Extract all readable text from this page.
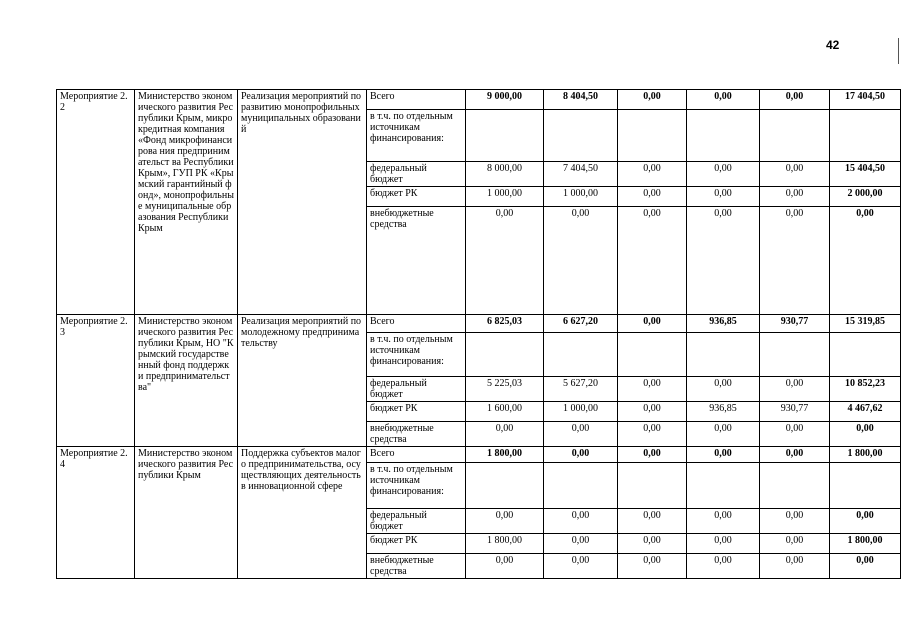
42
Мероприятие 2.2	Министерство экономического развития Республики Крым, микрокредитная компания «Фонд микрофинансирова ния предпринимательст ва Республики Крым», ГУП РК «Крымский гарантийный фонд», монопрофильные муниципальные образования Республики Крым	Реализация мероприятий по развитию монопрофильных муниципальных образований	Всего	9 000,00	8 404,50	0,00	0,00	0,00	17 404,50
			в т.ч. по отдельным источникам финансирования:						
			федеральный бюджет	8 000,00	7 404,50	0,00	0,00	0,00	15 404,50
			бюджет РК	1 000,00	1 000,00	0,00	0,00	0,00	2 000,00
			внебюджетные средства	0,00	0,00	0,00	0,00	0,00	0,00
Мероприятие 2.3	Министерство экономического развития Республики Крым, НО "Крымский государственный фонд поддержки предпринимательст ва"	Реализация мероприятий по молодежному предпринимательству	Всего	6 825,03	6 627,20	0,00	936,85	930,77	15 319,85
			в т.ч. по отдельным источникам финансирования:						
			федеральный бюджет	5 225,03	5 627,20	0,00	0,00	0,00	10 852,23
			бюджет РК	1 600,00	1 000,00	0,00	936,85	930,77	4 467,62
			внебюджетные средства	0,00	0,00	0,00	0,00	0,00	0,00
Мероприятие 2.4	Министерство экономического развития Республики Крым	Поддержка субъектов малого предпринимательства, осуществляющих деятельность в инновационной сфере	Всего	1 800,00	0,00	0,00	0,00	0,00	1 800,00
			в т.ч. по отдельным источникам финансирования:						
			федеральный бюджет	0,00	0,00	0,00	0,00	0,00	0,00
			бюджет РК	1 800,00	0,00	0,00	0,00	0,00	1 800,00
			внебюджетные средства	0,00	0,00	0,00	0,00	0,00	0,00
